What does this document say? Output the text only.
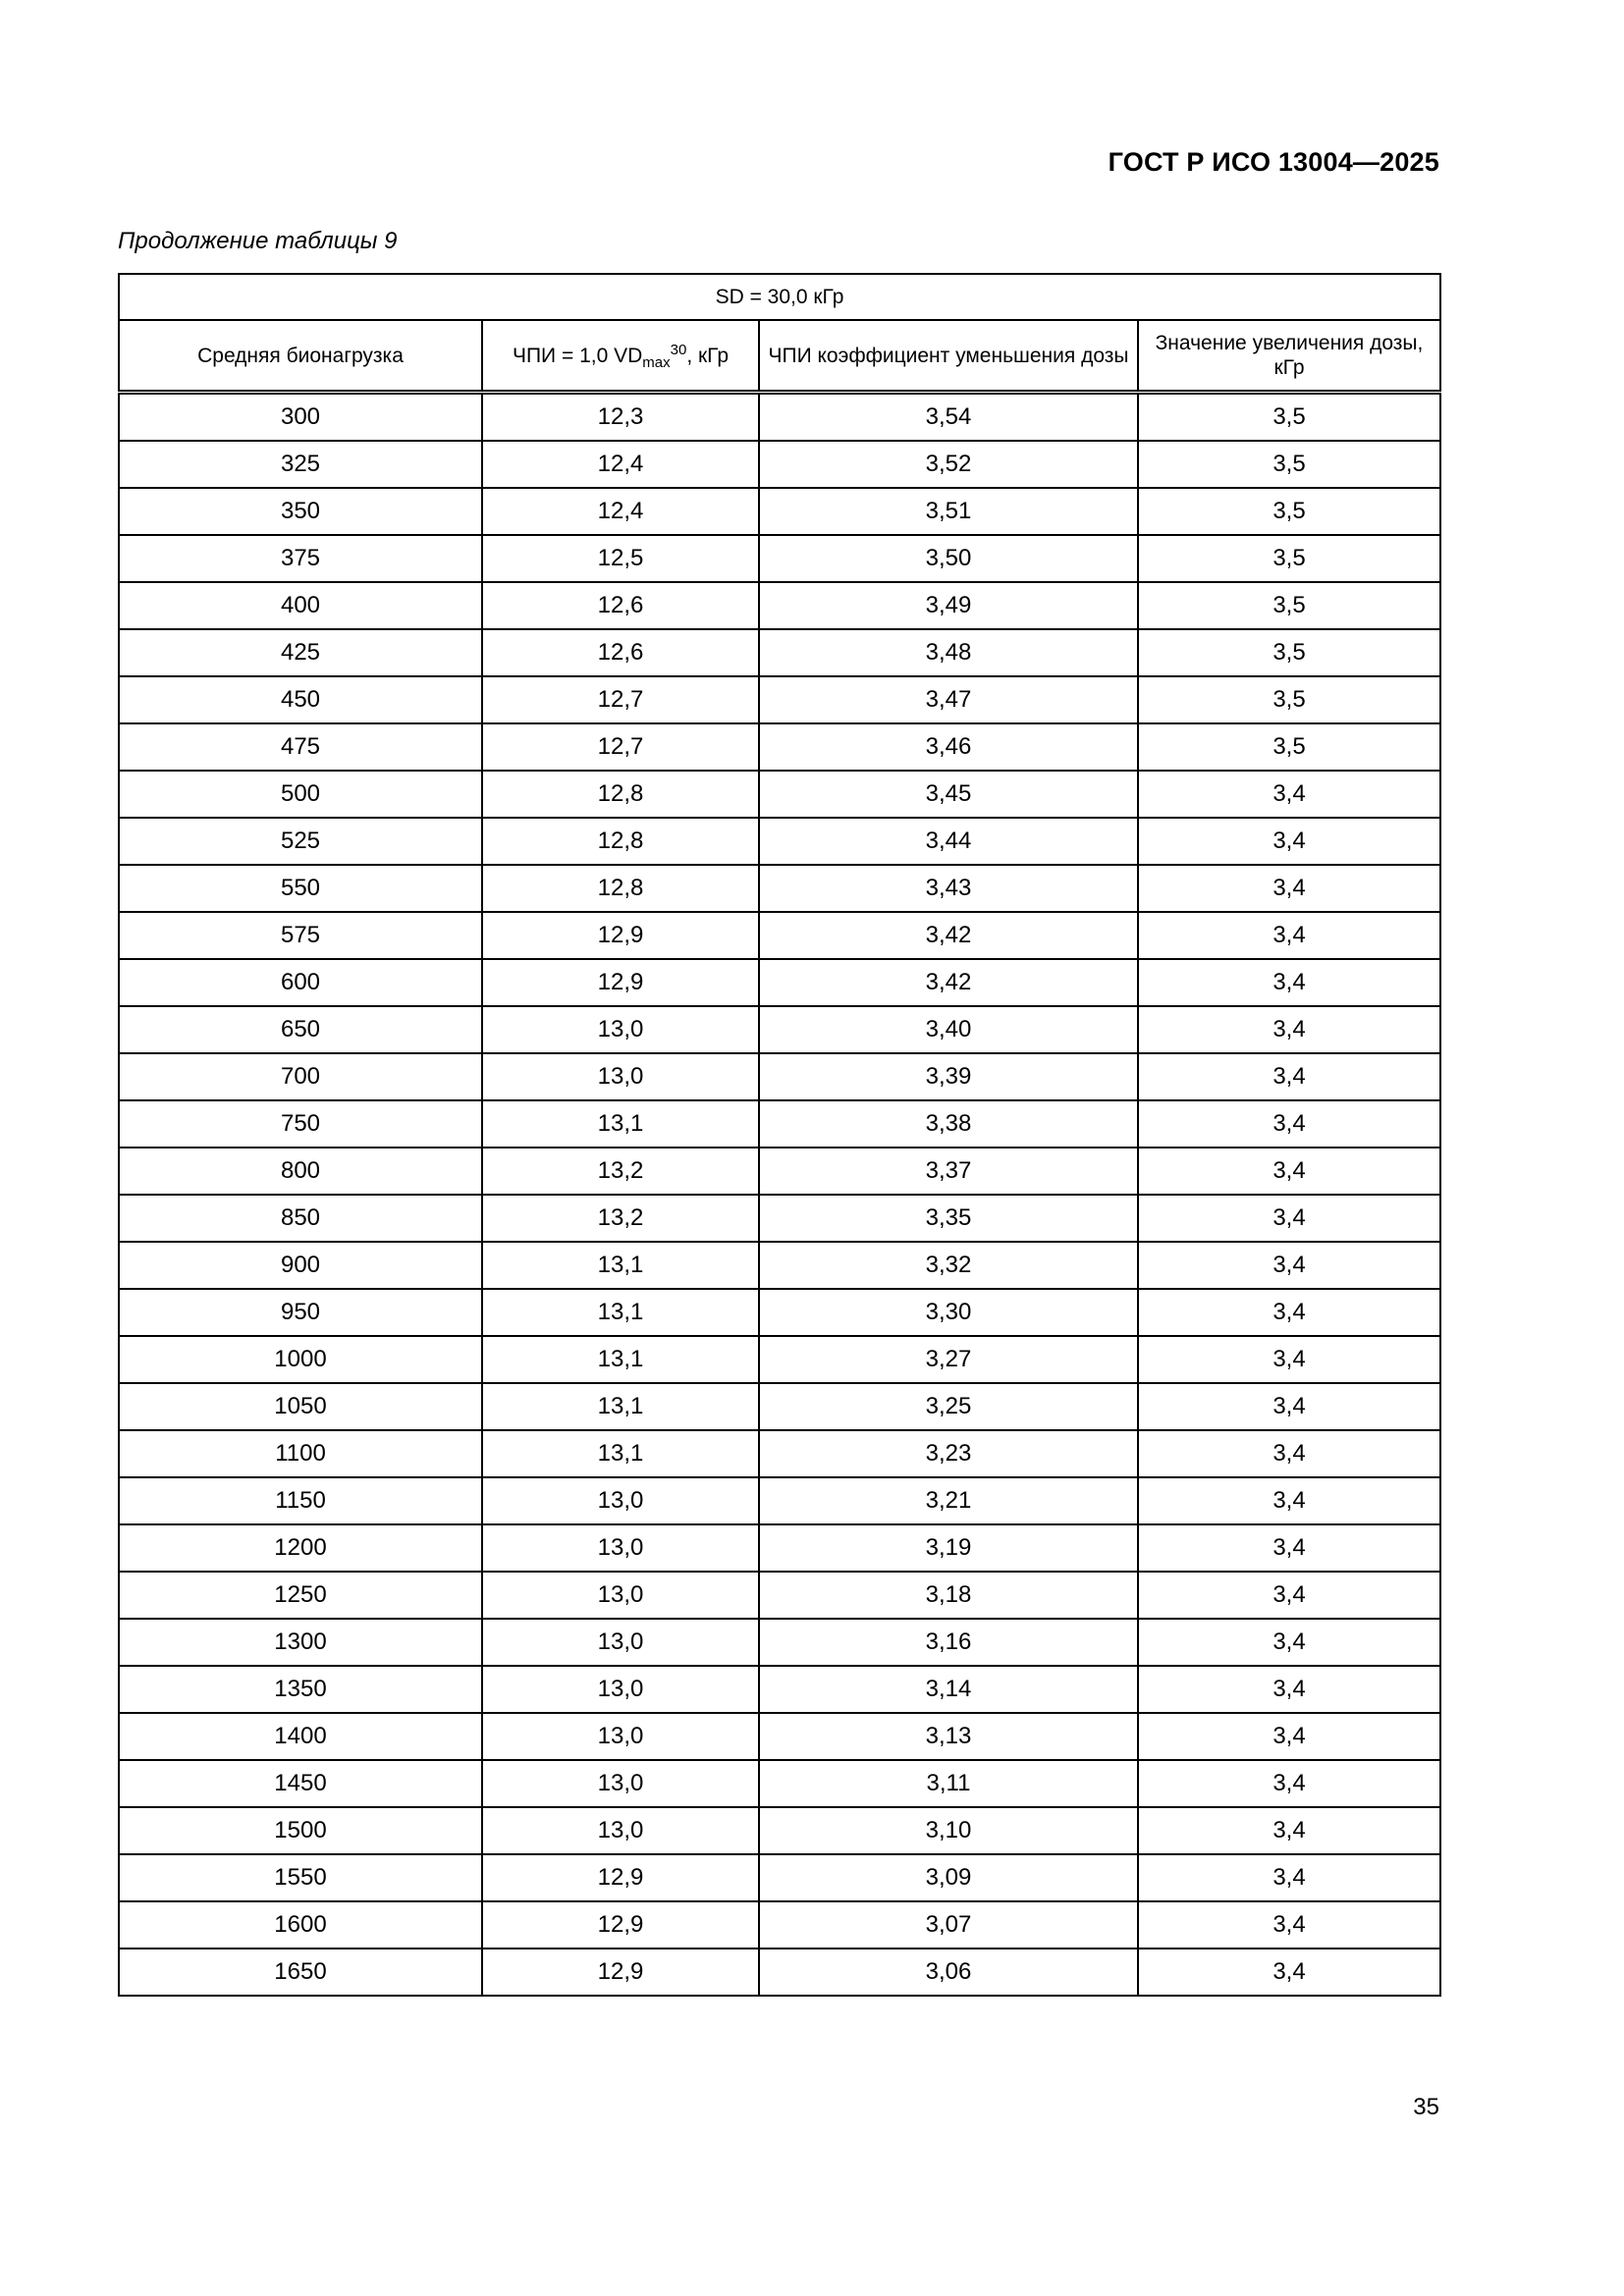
ГОСТ Р ИСО 13004—2025
Продолжение таблицы 9
SD = 30,0 кГр			
Средняя бионагрузка	ЧПИ = 1,0 $VD_{max}^{30}$, кГр	ЧПИ коэффициент уменьшения дозы	Значение увеличения дозы, кГр
300	12,3	3,54	3,5
325	12,4	3,52	3,5
350	12,4	3,51	3,5
375	12,5	3,50	3,5
400	12,6	3,49	3,5
425	12,6	3,48	3,5
450	12,7	3,47	3,5
475	12,7	3,46	3,5
500	12,8	3,45	3,4
525	12,8	3,44	3,4
550	12,8	3,43	3,4
575	12,9	3,42	3,4
600	12,9	3,42	3,4
650	13,0	3,40	3,4
700	13,0	3,39	3,4
750	13,1	3,38	3,4
800	13,2	3,37	3,4
850	13,2	3,35	3,4
900	13,1	3,32	3,4
950	13,1	3,30	3,4
1000	13,1	3,27	3,4
1050	13,1	3,25	3,4
1100	13,1	3,23	3,4
1150	13,0	3,21	3,4
1200	13,0	3,19	3,4
1250	13,0	3,18	3,4
1300	13,0	3,16	3,4
1350	13,0	3,14	3,4
1400	13,0	3,13	3,4
1450	13,0	3,11	3,4
1500	13,0	3,10	3,4
1550	12,9	3,09	3,4
1600	12,9	3,07	3,4
1650	12,9	3,06	3,4
35
